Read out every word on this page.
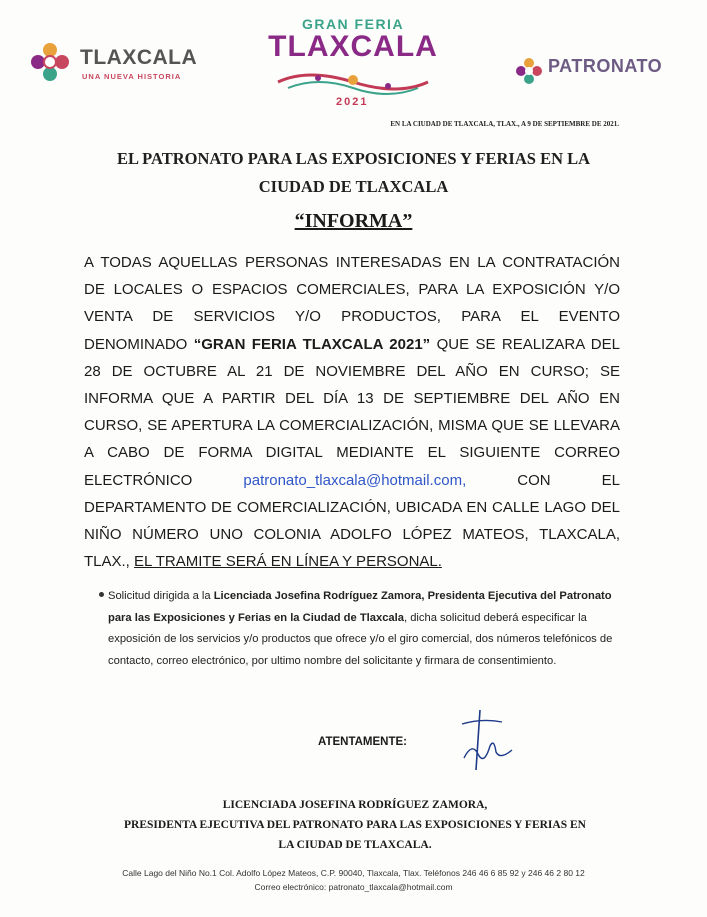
TLAXCALA
UNA NUEVA HISTORIA
GRAN FERIA
TLAXCALA
2021
PATRONATO
EN LA CIUDAD DE TLAXCALA, TLAX., A 9 DE SEPTIEMBRE DE 2021.
EL PATRONATO PARA LAS EXPOSICIONES Y FERIAS EN LA
CIUDAD DE TLAXCALA
“INFORMA”
A TODAS AQUELLAS PERSONAS INTERESADAS EN LA CONTRATACIÓN
DE LOCALES O ESPACIOS COMERCIALES, PARA LA EXPOSICIÓN Y/O
VENTA DE SERVICIOS Y/O PRODUCTOS, PARA EL EVENTO
DENOMINADO “GRAN FERIA TLAXCALA 2021” QUE SE REALIZARA DEL
28 DE OCTUBRE AL 21 DE NOVIEMBRE DEL AÑO EN CURSO; SE
INFORMA QUE A PARTIR DEL DÍA 13 DE SEPTIEMBRE DEL AÑO EN
CURSO, SE APERTURA LA COMERCIALIZACIÓN, MISMA QUE SE LLEVARA
A CABO DE FORMA DIGITAL MEDIANTE EL SIGUIENTE CORREO
ELECTRÓNICO	patronato_tlaxcala@hotmail.com,	CON	EL
DEPARTAMENTO DE COMERCIALIZACIÓN, UBICADA EN CALLE LAGO DEL
NIÑO NÚMERO UNO COLONIA ADOLFO LÓPEZ MATEOS, TLAXCALA,
TLAX., EL TRAMITE SERÁ EN LÍNEA Y PERSONAL.
Solicitud dirigida a la Licenciada Josefina Rodríguez Zamora, Presidenta Ejecutiva del Patronato para las Exposiciones y Ferias en la Ciudad de Tlaxcala, dicha solicitud deberá especificar la exposición de los servicios y/o productos que ofrece y/o el giro comercial, dos números telefónicos de contacto, correo electrónico, por ultimo nombre del solicitante y firmara de consentimiento.
ATENTAMENTE:
LICENCIADA JOSEFINA RODRÍGUEZ ZAMORA,
PRESIDENTA EJECUTIVA DEL PATRONATO PARA LAS EXPOSICIONES Y FERIAS EN
LA CIUDAD DE TLAXCALA.
Calle Lago del Niño No.1 Col. Adolfo López Mateos, C.P. 90040, Tlaxcala, Tlax. Teléfonos 246 46 6 85 92 y 246 46 2 80 12
Correo electrónico: patronato_tlaxcala@hotmail.com
